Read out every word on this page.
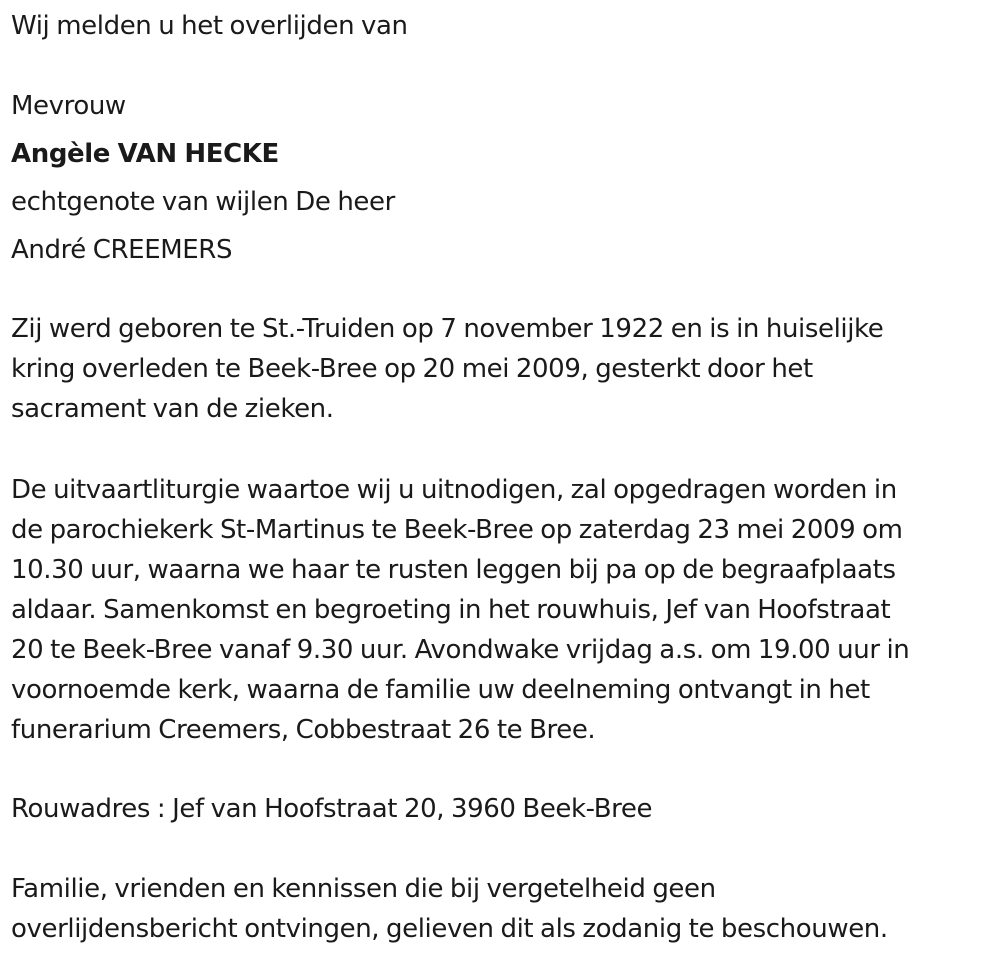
Wij melden u het overlijden van
Mevrouw
Angèle VAN HECKE
echtgenote van wijlen De heer
André CREEMERS
Zij werd geboren te St.-Truiden op 7 november 1922 en is in huiselijke
kring overleden te Beek-Bree op 20 mei 2009, gesterkt door het
sacrament van de zieken.
De uitvaartliturgie waartoe wij u uitnodigen, zal opgedragen worden in
de parochiekerk St-Martinus te Beek-Bree op zaterdag 23 mei 2009 om
10.30 uur, waarna we haar te rusten leggen bij pa op de begraafplaats
aldaar. Samenkomst en begroeting in het rouwhuis, Jef van Hoofstraat
20 te Beek-Bree vanaf 9.30 uur. Avondwake vrijdag a.s. om 19.00 uur in
voornoemde kerk, waarna de familie uw deelneming ontvangt in het
funerarium Creemers, Cobbestraat 26 te Bree.
Rouwadres : Jef van Hoofstraat 20, 3960 Beek-Bree
Familie, vrienden en kennissen die bij vergetelheid geen
overlijdensbericht ontvingen, gelieven dit als zodanig te beschouwen.
